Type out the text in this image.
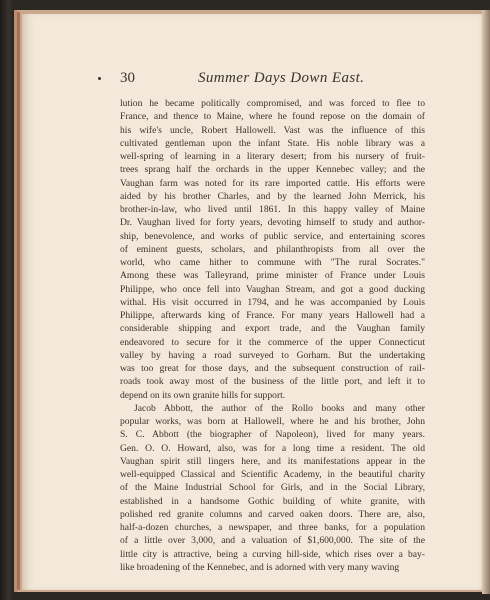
30	Summer Days Down East.
lution he became politically compromised, and was forced to flee to
France, and thence to Maine, where he found repose on the domain of
his wife's uncle, Robert Hallowell. Vast was the influence of this
cultivated gentleman upon the infant State. His noble library was a
well-spring of learning in a literary desert; from his nursery of fruit-
trees sprang half the orchards in the upper Kennebec valley; and the
Vaughan farm was noted for its rare imported cattle. His efforts were
aided by his brother Charles, and by the learned John Merrick, his
brother-in-law, who lived until 1861. In this happy valley of Maine
Dr. Vaughan lived for forty years, devoting himself to study and author-
ship, benevolence, and works of public service, and entertaining scores
of eminent guests, scholars, and philanthropists from all over the
world, who came hither to commune with "The rural Socrates."
Among these was Talleyrand, prime minister of France under Louis
Philippe, who once fell into Vaughan Stream, and got a good ducking
withal. His visit occurred in 1794, and he was accompanied by Louis
Philippe, afterwards king of France. For many years Hallowell had a
considerable shipping and export trade, and the Vaughan family
endeavored to secure for it the commerce of the upper Connecticut
valley by having a road surveyed to Gorham. But the undertaking
was too great for those days, and the subsequent construction of rail-
roads took away most of the business of the little port, and left it to
depend on its own granite hills for support.
Jacob Abbott, the author of the Rollo books and many other
popular works, was born at Hallowell, where he and his brother, John
S. C. Abbott (the biographer of Napoleon), lived for many years.
Gen. O. O. Howard, also, was for a long time a resident. The old
Vaughan spirit still lingers here, and its manifestations appear in the
well-equipped Classical and Scientific Academy, in the beautiful charity
of the Maine Industrial School for Girls, and in the Social Library,
established in a handsome Gothic building of white granite, with
polished red granite columns and carved oaken doors. There are, also,
half-a-dozen churches, a newspaper, and three banks, for a population
of a little over 3,000, and a valuation of $1,600,000. The site of the
little city is attractive, being a curving hill-side, which rises over a bay-
like broadening of the Kennebec, and is adorned with very many waving
